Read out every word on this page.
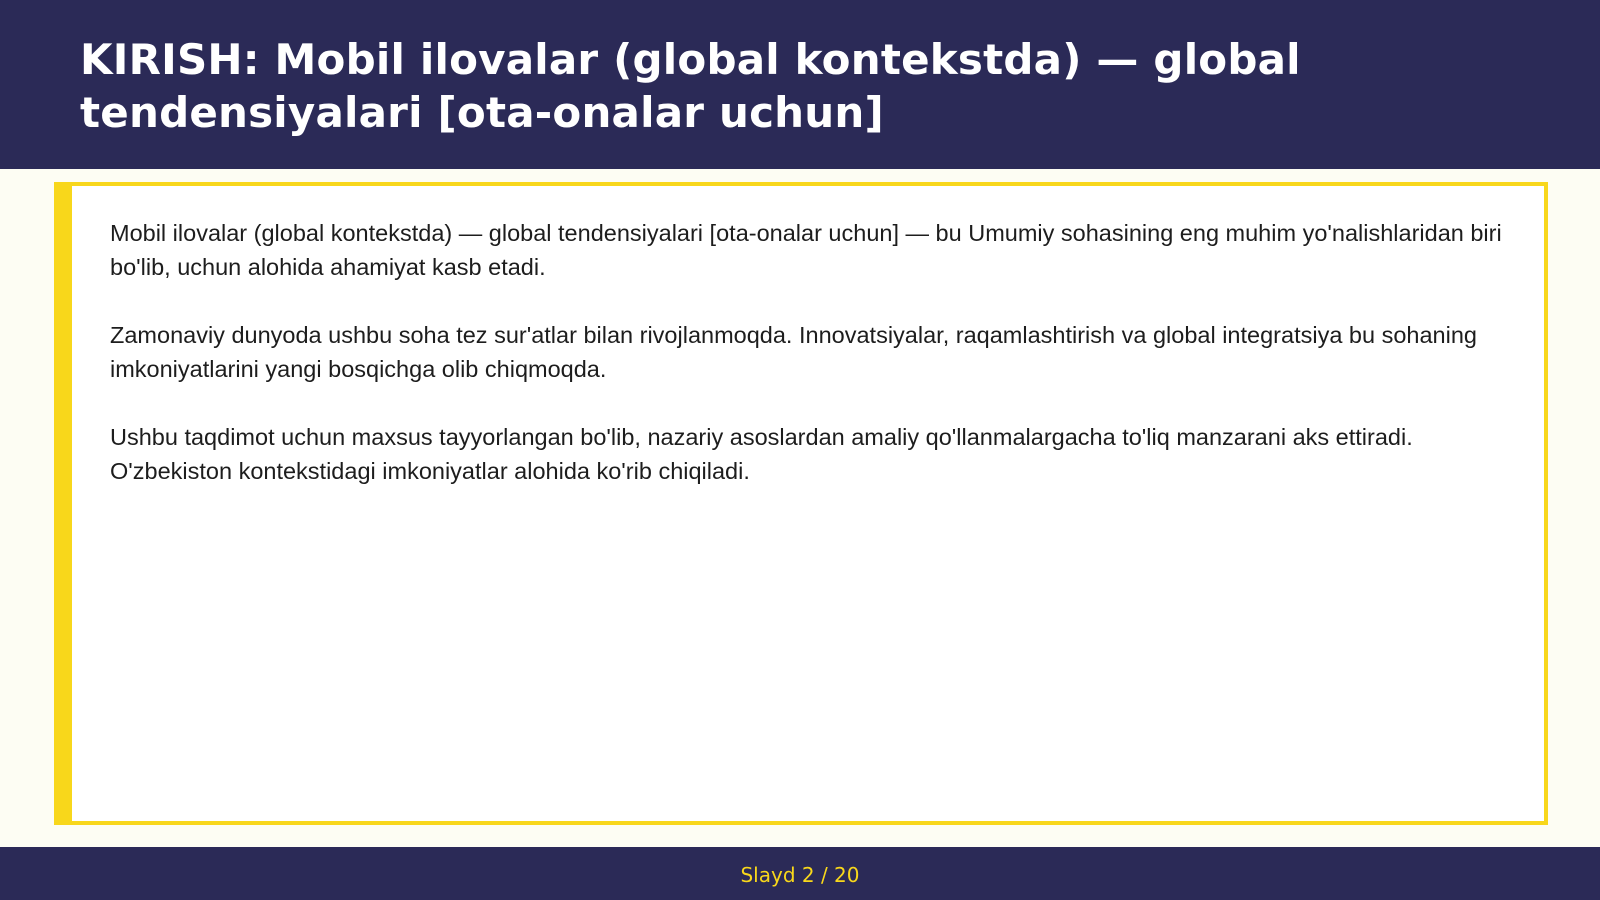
KIRISH: Mobil ilovalar (global kontekstda) — global tendensiyalari [ota-onalar uchun]

Mobil ilovalar (global kontekstda) — global tendensiyalari [ota-onalar uchun] — bu Umumiy sohasining eng muhim yo'nalishlaridan biri bo'lib, uchun alohida ahamiyat kasb etadi.

Zamonaviy dunyoda ushbu soha tez sur'atlar bilan rivojlanmoqda. Innovatsiyalar, raqamlashtirish va global integratsiya bu sohaning imkoniyatlarini yangi bosqichga olib chiqmoqda.

Ushbu taqdimot uchun maxsus tayyorlangan bo'lib, nazariy asoslardan amaliy qo'llanmalargacha to'liq manzarani aks ettiradi. O'zbekiston kontekstidagi imkoniyatlar alohida ko'rib chiqiladi.

Slayd 2 / 20
